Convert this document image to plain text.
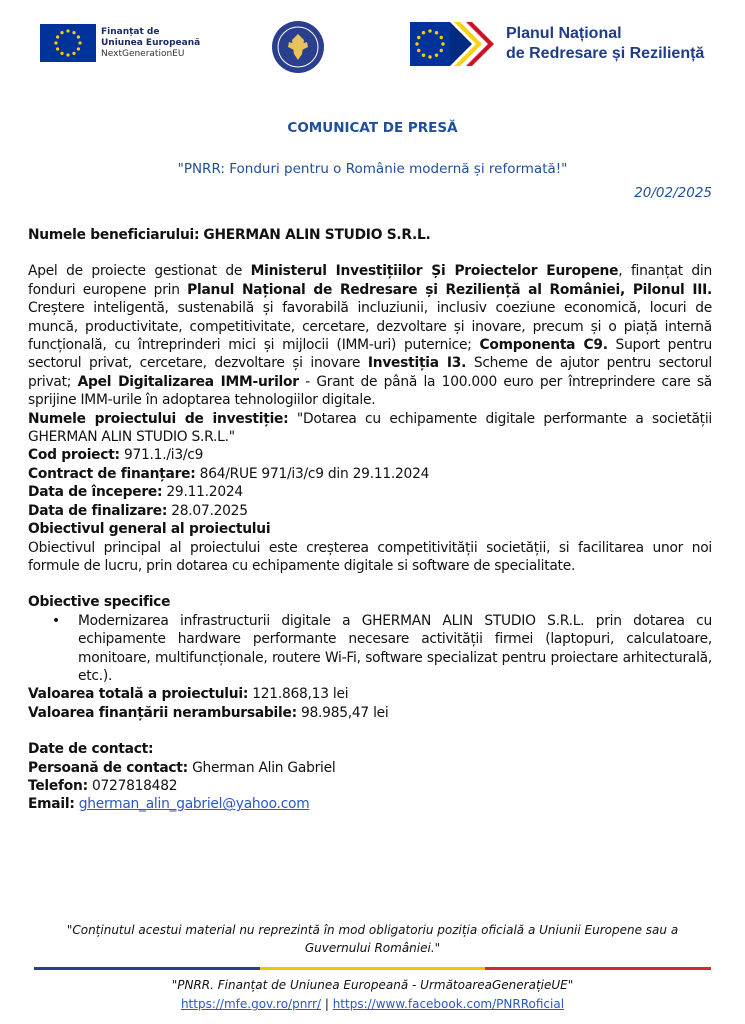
Finanțat de
Uniunea Europeană
NextGenerationEU
Planul Național
de Redresare și Reziliență
COMUNICAT DE PRESĂ
"PNRR: Fonduri pentru o Românie modernă și reformată!"
20/02/2025

Numele beneficiarului: GHERMAN ALIN STUDIO S.R.L.

Apel de proiecte gestionat de Ministerul Investițiilor Și Proiectelor Europene, finanțat din fonduri europene prin Planul Național de Redresare și Reziliență al României, Pilonul III. Creștere inteligentă, sustenabilă și favorabilă incluziunii, inclusiv coeziune economică, locuri de muncă, productivitate, competitivitate, cercetare, dezvoltare și inovare, precum și o piață internă funcțională, cu întreprinderi mici și mijlocii (IMM-uri) puternice; Componenta C9. Suport pentru sectorul privat, cercetare, dezvoltare și inovare Investiția I3. Scheme de ajutor pentru sectorul privat; Apel Digitalizarea IMM-urilor - Grant de până la 100.000 euro per întreprindere care să sprijine IMM-urile în adoptarea tehnologiilor digitale.

Numele proiectului de investiție: "Dotarea cu echipamente digitale performante a societății GHERMAN ALIN STUDIO S.R.L."

Cod proiect: 971.1./i3/c9

Contract de finanțare: 864/RUE 971/i3/c9 din 29.11.2024

Data de începere: 29.11.2024

Data de finalizare: 28.07.2025

Obiectivul general al proiectului

Obiectivul principal al proiectului este creșterea competitivității societății, si facilitarea unor noi formule de lucru, prin dotarea cu echipamente digitale si software de specialitate.

Obiective specifice

•	Modernizarea infrastructurii digitale a GHERMAN ALIN STUDIO S.R.L. prin dotarea cu echipamente hardware performante necesare activității firmei (laptopuri, calculatoare, monitoare, multifuncționale, routere Wi-Fi, software specializat pentru proiectare arhitecturală, etc.).

Valoarea totală a proiectului: 121.868,13 lei

Valoarea finanțării nerambursabile: 98.985,47 lei

Date de contact:

Persoană de contact: Gherman Alin Gabriel

Telefon: 0727818482

Email: gherman_alin_gabriel@yahoo.com

"Conținutul acestui material nu reprezintă în mod obligatoriu poziția oficială a Uniunii Europene sau a Guvernului României."
"PNRR. Finanțat de Uniunea Europeană - UrmătoareaGenerațieUE"
https://mfe.gov.ro/pnrr/ | https://www.facebook.com/PNRRoficial
